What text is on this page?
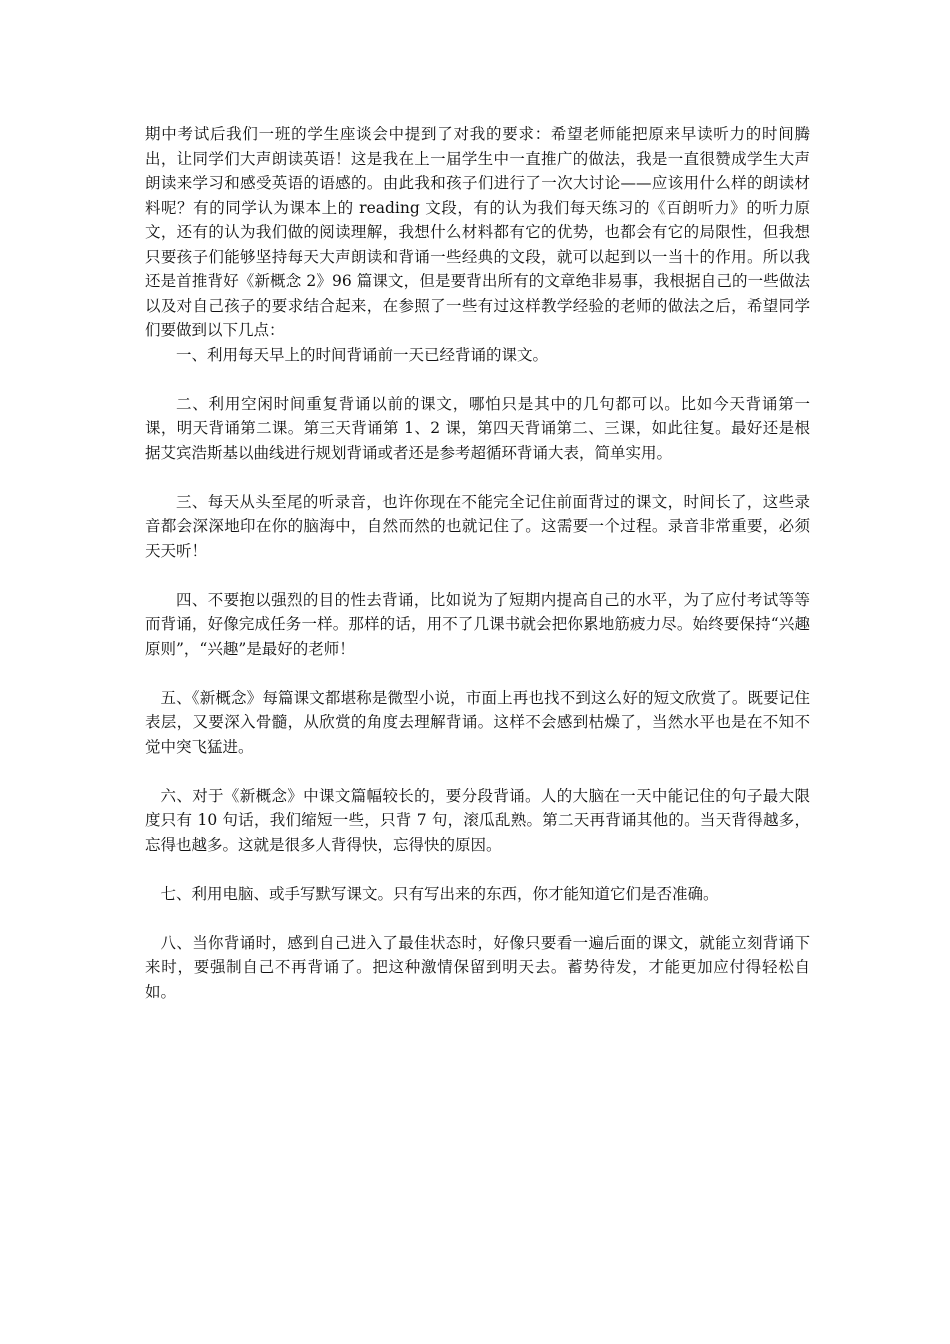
期中考试后我们一班的学生座谈会中提到了对我的要求：希望老师能把原来早读听力的时间腾出，让同学们大声朗读英语！这是我在上一届学生中一直推广的做法，我是一直很赞成学生大声朗读来学习和感受英语的语感的。由此我和孩子们进行了一次大讨论——应该用什么样的朗读材料呢？有的同学认为课本上的 reading 文段，有的认为我们每天练习的《百朗听力》的听力原文，还有的认为我们做的阅读理解，我想什么材料都有它的优势，也都会有它的局限性，但我想只要孩子们能够坚持每天大声朗读和背诵一些经典的文段，就可以起到以一当十的作用。所以我还是首推背好《新概念 2》96 篇课文，但是要背出所有的文章绝非易事，我根据自己的一些做法以及对自己孩子的要求结合起来，在参照了一些有过这样教学经验的老师的做法之后，希望同学们要做到以下几点：

一、利用每天早上的时间背诵前一天已经背诵的课文。

二、利用空闲时间重复背诵以前的课文，哪怕只是其中的几句都可以。比如今天背诵第一课，明天背诵第二课。第三天背诵第 1、2 课，第四天背诵第二、三课，如此往复。最好还是根据艾宾浩斯基以曲线进行规划背诵或者还是参考超循环背诵大表，简单实用。

三、每天从头至尾的听录音，也许你现在不能完全记住前面背过的课文，时间长了，这些录音都会深深地印在你的脑海中，自然而然的也就记住了。这需要一个过程。录音非常重要，必须天天听！

四、不要抱以强烈的目的性去背诵，比如说为了短期内提高自己的水平，为了应付考试等等而背诵，好像完成任务一样。那样的话，用不了几课书就会把你累地筋疲力尽。始终要保持“兴趣原则”，“兴趣”是最好的老师！

五、《新概念》每篇课文都堪称是微型小说，市面上再也找不到这么好的短文欣赏了。既要记住表层，又要深入骨髓，从欣赏的角度去理解背诵。这样不会感到枯燥了，当然水平也是在不知不觉中突飞猛进。

六、对于《新概念》中课文篇幅较长的，要分段背诵。人的大脑在一天中能记住的句子最大限度只有 10 句话，我们缩短一些，只背 7 句，滚瓜乱熟。第二天再背诵其他的。当天背得越多，忘得也越多。这就是很多人背得快，忘得快的原因。

七、利用电脑、或手写默写课文。只有写出来的东西，你才能知道它们是否准确。

八、当你背诵时，感到自己进入了最佳状态时，好像只要看一遍后面的课文，就能立刻背诵下来时，要强制自己不再背诵了。把这种激情保留到明天去。蓄势待发，才能更加应付得轻松自如。
